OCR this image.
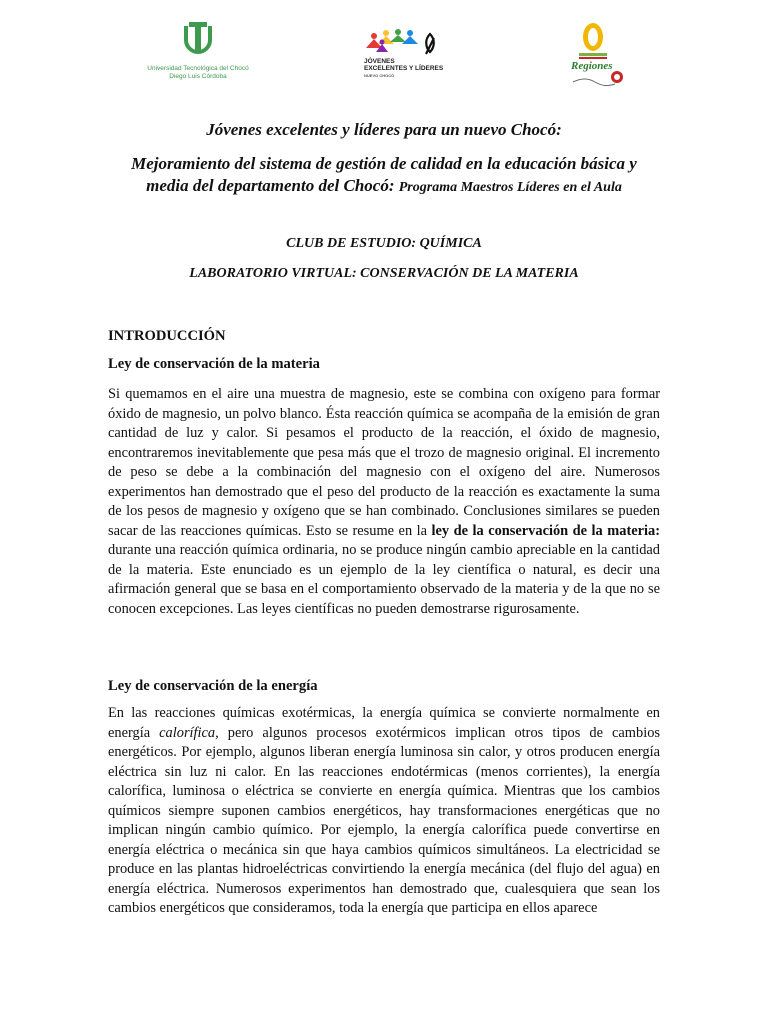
Universidad Tecnológica del Chocó
Diego Luis Córdoba
JÓVENES
EXCELENTES Y LÍDERES
NUEVO CHOCÓ
Regiones
Jóvenes excelentes y líderes para un nuevo Chocó:
Mejoramiento del sistema de gestión de calidad en la educación básica y
media del departamento del Chocó: Programa Maestros Líderes en el Aula
CLUB DE ESTUDIO: QUÍMICA
LABORATORIO VIRTUAL: CONSERVACIÓN DE LA MATERIA
INTRODUCCIÓN
Ley de conservación de la materia

Si quemamos en el aire una muestra de magnesio, este se combina con oxígeno para formar óxido de magnesio, un polvo blanco. Ésta reacción química se acompaña de la emisión de gran cantidad de luz y calor. Si pesamos el producto de la reacción, el óxido de magnesio, encontraremos inevitablemente que pesa más que el trozo de magnesio original. El incremento de peso se debe a la combinación del magnesio con el oxígeno del aire. Numerosos experimentos han demostrado que el peso del producto de la reacción es exactamente la suma de los pesos de magnesio y oxígeno que se han combinado. Conclusiones similares se pueden sacar de las reacciones químicas. Esto se resume en la ley de la conservación de la materia: durante una reacción química ordinaria, no se produce ningún cambio apreciable en la cantidad de la materia. Este enunciado es un ejemplo de la ley científica o natural, es decir una afirmación general que se basa en el comportamiento observado de la materia y de la que no se conocen excepciones. Las leyes científicas no pueden demostrarse rigurosamente.

Ley de conservación de la energía

En las reacciones químicas exotérmicas, la energía química se convierte normalmente en energía calorífica, pero algunos procesos exotérmicos implican otros tipos de cambios energéticos. Por ejemplo, algunos liberan energía luminosa sin calor, y otros producen energía eléctrica sin luz ni calor. En las reacciones endotérmicas (menos corrientes), la energía calorífica, luminosa o eléctrica se convierte en energía química. Mientras que los cambios químicos siempre suponen cambios energéticos, hay transformaciones energéticas que no implican ningún cambio químico. Por ejemplo, la energía calorífica puede convertirse en energía eléctrica o mecánica sin que haya cambios químicos simultáneos. La electricidad se produce en las plantas hidroeléctricas convirtiendo la energía mecánica (del flujo del agua) en energía eléctrica. Numerosos experimentos han demostrado que, cualesquiera que sean los cambios energéticos que consideramos, toda la energía que participa en ellos aparece
